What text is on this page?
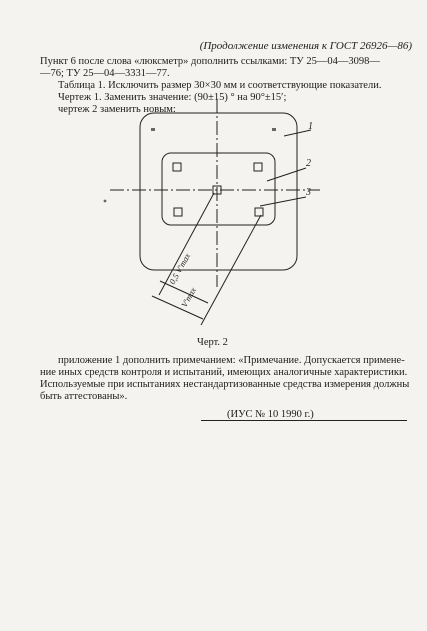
(Продолжение изменения к ГОСТ 26926—86)
Пункт 6 после слова «люксметр» дополнить ссылками: ТУ 25—04—3098—
—76; ТУ 25—04—3331—77.
Таблица 1. Исключить размер 30×30 мм и соответствующие показатели.
Чертеж 1. Заменить значение: (90±15) ° на 90°±15′;
чертеж 2 заменить новым:
1
2
3
0,5 V′max
V′max
Черт. 2
приложение 1 дополнить примечанием: «Примечание. Допускается примене-
ние иных средств контроля и испытаний, имеющих аналогичные характеристики.
Используемые при испытаниях нестандартизованные средства измерения должны
быть аттестованы».
(ИУС № 10 1990 г.)
